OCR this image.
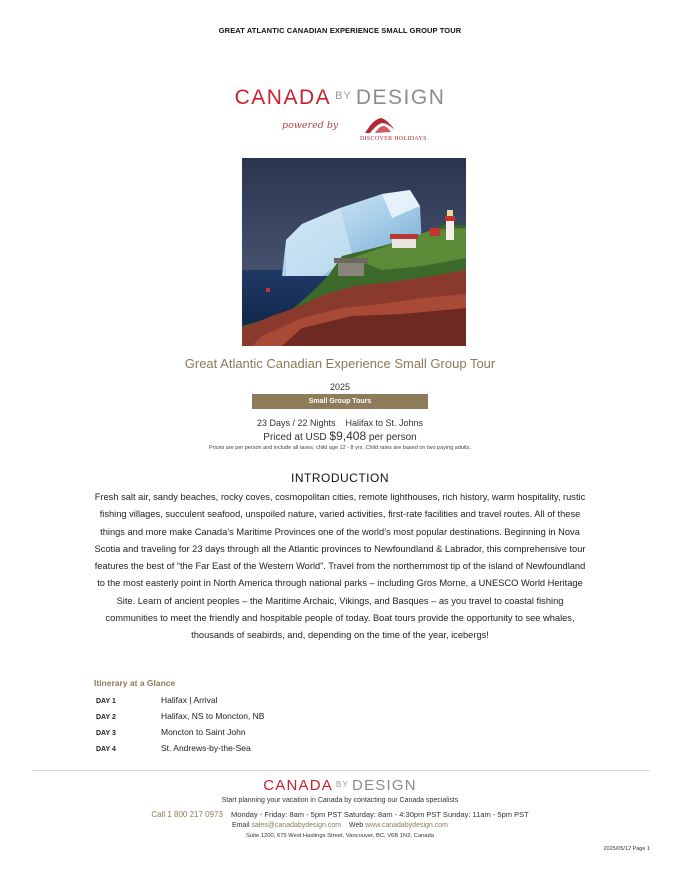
GREAT ATLANTIC CANADIAN EXPERIENCE SMALL GROUP TOUR
CANADA $^{BY}$ DESIGN
powered by
DISCOVER HOLIDAYS
Great Atlantic Canadian Experience Small Group Tour
2025
Small Group Tours
23 Days / 22 Nights Halifax to St. Johns
Priced at USD $9,408 per person
Prices are per person and include all taxes, child age 12 - 8 yrs. Child rates are based on two paying adults.
INTRODUCTION
Fresh salt air, sandy beaches, rocky coves, cosmopolitan cities, remote lighthouses, rich history, warm hospitality, rustic fishing villages, succulent seafood, unspoiled nature, varied activities, first-rate facilities and travel routes. All of these things and more make Canada’s Maritime Provinces one of the world’s most popular destinations. Beginning in Nova Scotia and traveling for 23 days through all the Atlantic provinces to Newfoundland & Labrador, this comprehensive tour features the best of “the Far East of the Western World”. Travel from the northernmost tip of the island of Newfoundland to the most easterly point in North America through national parks – including Gros Morne, a UNESCO World Heritage Site. Learn of ancient peoples – the Maritime Archaic, Vikings, and Basques – as you travel to coastal fishing communities to meet the friendly and hospitable people of today. Boat tours provide the opportunity to see whales, thousands of seabirds, and, depending on the time of the year, icebergs!
Itinerary at a Glance
DAY 1	Halifax | Arrival
DAY 2	Halifax, NS to Moncton, NB
DAY 3	Moncton to Saint John
DAY 4	St. Andrews-by-the-Sea
CANADA $^{BY}$ DESIGN
Start planning your vacation in Canada by contacting our Canada specialists
Call 1 800 217 0973 Monday - Friday: 8am - 5pm PST Saturday: 8am - 4:30pm PST Sunday: 11am - 5pm PST
Email sales@canadabydesign.com Web www.canadabydesign.com
Suite 1200, 675 West Hastings Street, Vancouver, BC, V6B 1N2, Canada
2025/05/12 Page 1
